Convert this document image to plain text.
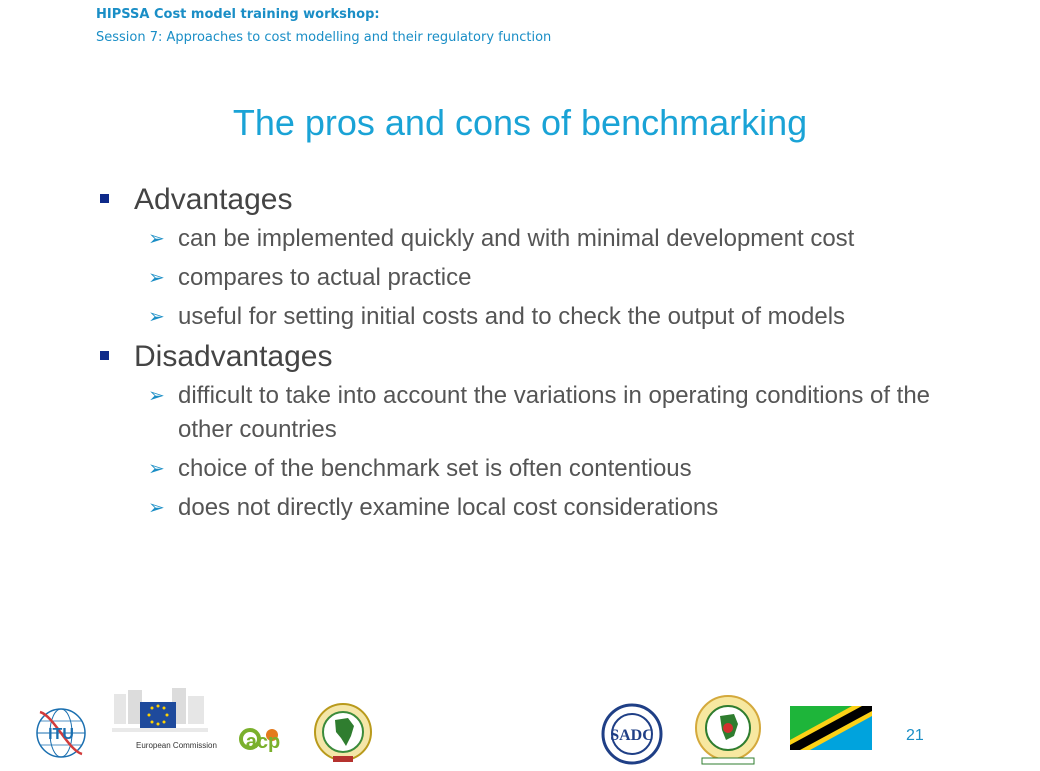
HIPSSA Cost model training workshop:
Session 7: Approaches to cost modelling and their regulatory function
The pros and cons of benchmarking
Advantages
➢ can be implemented quickly and with minimal development cost
➢ compares to actual practice
➢ useful for setting initial costs and to check the output of models
Disadvantages
➢ difficult to take into account the variations in operating conditions of the other countries
➢ choice of the benchmark set is often contentious
➢ does not directly examine local cost considerations
ITU
European Commission acp	SADC	21
